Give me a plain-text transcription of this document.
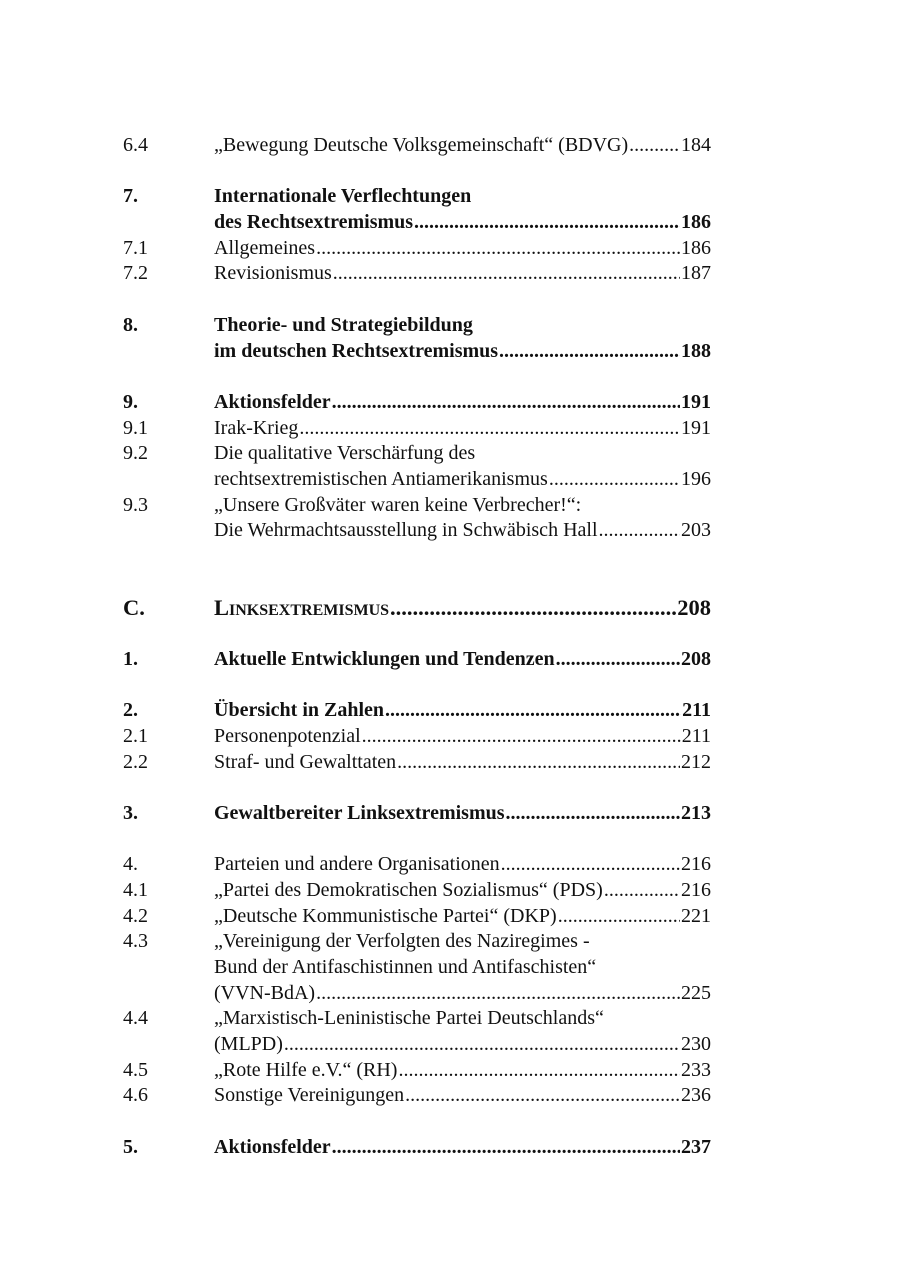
6.4	„Bewegung Deutsche Volksgemeinschaft“ (BDVG) .....	184
7.	Internationale Verflechtungen
des Rechtsextremismus .....	186
7.1	Allgemeines .....	186
7.2	Revisionismus .....	187
8.	Theorie- und Strategiebildung
im deutschen Rechtsextremismus .....	188
9.	Aktionsfelder .....	191
9.1	Irak-Krieg .....	191
9.2	Die qualitative Verschärfung des
rechtsextremistischen Antiamerikanismus .....	196
9.3	„Unsere Großväter waren keine Verbrecher!“:
Die Wehrmachtsausstellung in Schwäbisch Hall .....	203
C.	Linksextremismus .....	208
1.	Aktuelle Entwicklungen und Tendenzen .....	208
2.	Übersicht in Zahlen .....	211
2.1	Personenpotenzial .....	211
2.2	Straf- und Gewalttaten .....	212
3.	Gewaltbereiter Linksextremismus .....	213
4.	Parteien und andere Organisationen .....	216
4.1	„Partei des Demokratischen Sozialismus“ (PDS) .....	216
4.2	„Deutsche Kommunistische Partei“ (DKP) .....	221
4.3	„Vereinigung der Verfolgten des Naziregimes -
Bund der Antifaschistinnen und Antifaschisten“
(VVN-BdA) .....	225
4.4	„Marxistisch-Leninistische Partei Deutschlands“
(MLPD) .....	230
4.5	„Rote Hilfe e.V.“ (RH) .....	233
4.6	Sonstige Vereinigungen .....	236
5.	Aktionsfelder .....	237
